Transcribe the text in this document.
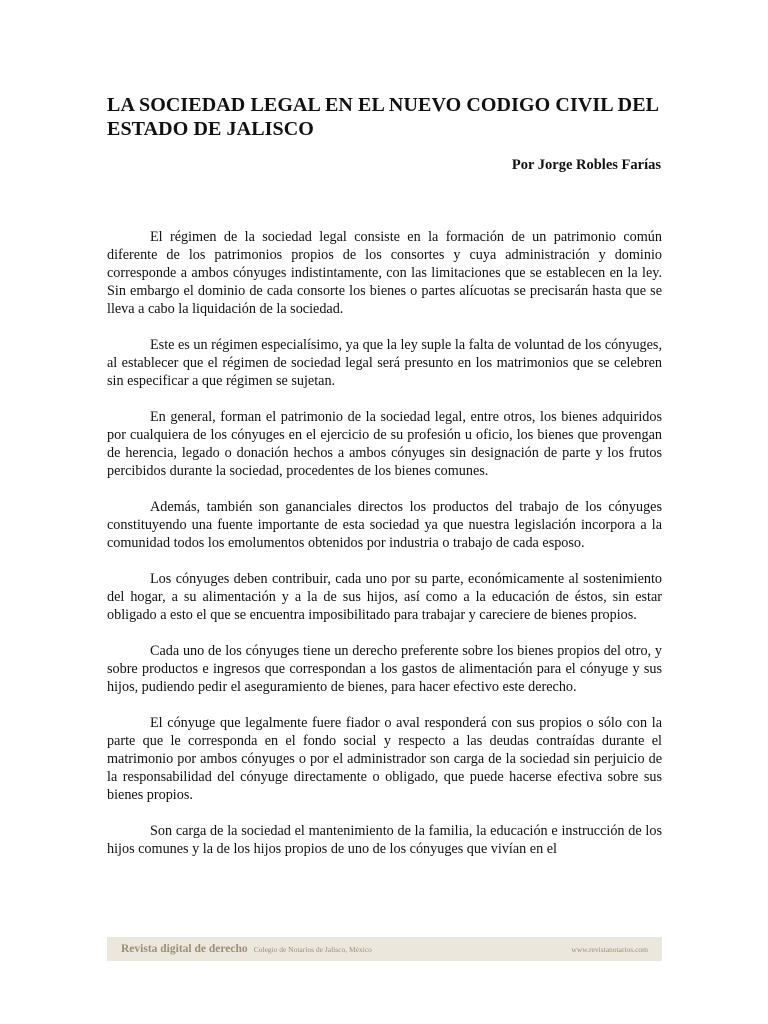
LA SOCIEDAD LEGAL EN EL NUEVO CODIGO CIVIL DEL ESTADO DE JALISCO

Por Jorge Robles Farías

El régimen de la sociedad legal consiste en la formación de un patrimonio común diferente de los patrimonios propios de los consortes y cuya administración y dominio corresponde a ambos cónyuges indistintamente, con las limitaciones que se establecen en la ley. Sin embargo el dominio de cada consorte los bienes o partes alícuotas se precisarán hasta que se lleva a cabo la liquidación de la sociedad.

Este es un régimen especialísimo, ya que la ley suple la falta de voluntad de los cónyuges, al establecer que el régimen de sociedad legal será presunto en los matrimonios que se celebren sin especificar a que régimen se sujetan.

En general, forman el patrimonio de la sociedad legal, entre otros, los bienes adquiridos por cualquiera de los cónyuges en el ejercicio de su profesión u oficio, los bienes que provengan de herencia, legado o donación hechos a ambos cónyuges sin designación de parte y los frutos percibidos durante la sociedad, procedentes de los bienes comunes.

Además, también son gananciales directos los productos del trabajo de los cónyuges constituyendo una fuente importante de esta sociedad ya que nuestra legislación incorpora a la comunidad todos los emolumentos obtenidos por industria o trabajo de cada esposo.

Los cónyuges deben contribuir, cada uno por su parte, económicamente al sostenimiento del hogar, a su alimentación y a la de sus hijos, así como a la educación de éstos, sin estar obligado a esto el que se encuentra imposibilitado para trabajar y careciere de bienes propios.

Cada uno de los cónyuges tiene un derecho preferente sobre los bienes propios del otro, y sobre productos e ingresos que correspondan a los gastos de alimentación para el cónyuge y sus hijos, pudiendo pedir el aseguramiento de bienes, para hacer efectivo este derecho.

El cónyuge que legalmente fuere fiador o aval responderá con sus propios o sólo con la parte que le corresponda en el fondo social y respecto a las deudas contraídas durante el matrimonio por ambos cónyuges o por el administrador son carga de la sociedad sin perjuicio de la responsabilidad del cónyuge directamente o obligado, que puede hacerse efectiva sobre sus bienes propios.

Son carga de la sociedad el mantenimiento de la familia, la educación e instrucción de los hijos comunes y la de los hijos propios de uno de los cónyuges que vivían en el

Revista digital de derecho Colegio de Notarios de Jalisco, México	www.revistanotarios.com
